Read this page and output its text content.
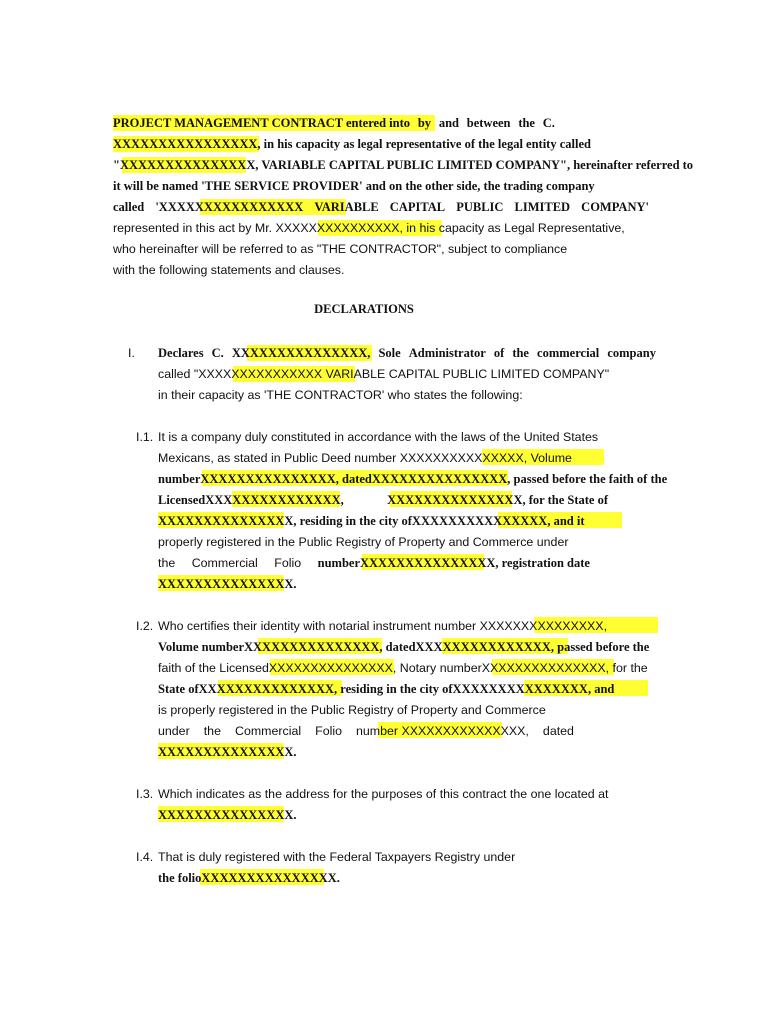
PROJECT MANAGEMENT CONTRACT entered into by and between the C.
XXXXXXXXXXXXXXXX, in his capacity as legal representative of the legal entity called
"XXXXXXXXXXXXXXX, VARIABLE CAPITAL PUBLIC LIMITED COMPANY", hereinafter referred to
it will be named 'THE SERVICE PROVIDER' and on the other side, the trading company
called 'XXXXXXXXXXXXXXXX VARIABLE CAPITAL PUBLIC LIMITED COMPANY'
represented in this act by Mr. XXXXXXXXXXXXXXX, in his capacity as Legal Representative,
who hereinafter will be referred to as "THE CONTRACTOR", subject to compliance
with the following statements and clauses.
DECLARATIONS
I. Declares C. XXXXXXXXXXXXXXX, Sole Administrator of the commercial company
called "XXXXXXXXXXXXXXX VARIABLE CAPITAL PUBLIC LIMITED COMPANY"
in their capacity as 'THE CONTRACTOR' who states the following:
I.1. It is a company duly constituted in accordance with the laws of the United States
Mexicans, as stated in Public Deed number XXXXXXXXXXXXXXX, Volume
numberXXXXXXXXXXXXXXX, datedXXXXXXXXXXXXXXX, passed before the faith of the
LicensedXXXXXXXXXXXXXXX,	XXXXXXXXXXXXXXX, for the State of
XXXXXXXXXXXXXXX, residing in the city ofXXXXXXXXXXXXXXX, and it
properly registered in the Public Registry of Property and Commerce under
the Commercial Folio numberXXXXXXXXXXXXXXX, registration date
XXXXXXXXXXXXXXX.
I.2. Who certifies their identity with notarial instrument number XXXXXXXXXXXXXXX,
Volume numberXXXXXXXXXXXXXXX, datedXXXXXXXXXXXXXXX, passed before the
faith of the LicensedXXXXXXXXXXXXXXX, Notary numberXXXXXXXXXXXXXXX, for the
State ofXXXXXXXXXXXXXXX, residing in the city ofXXXXXXXXXXXXXXX, and
is properly registered in the Public Registry of Property and Commerce
under the Commercial Folio number XXXXXXXXXXXXXXX, dated
XXXXXXXXXXXXXXX.
I.3. Which indicates as the address for the purposes of this contract the one located at
XXXXXXXXXXXXXXX.
I.4. That is duly registered with the Federal Taxpayers Registry under
the folioXXXXXXXXXXXXXXX.
